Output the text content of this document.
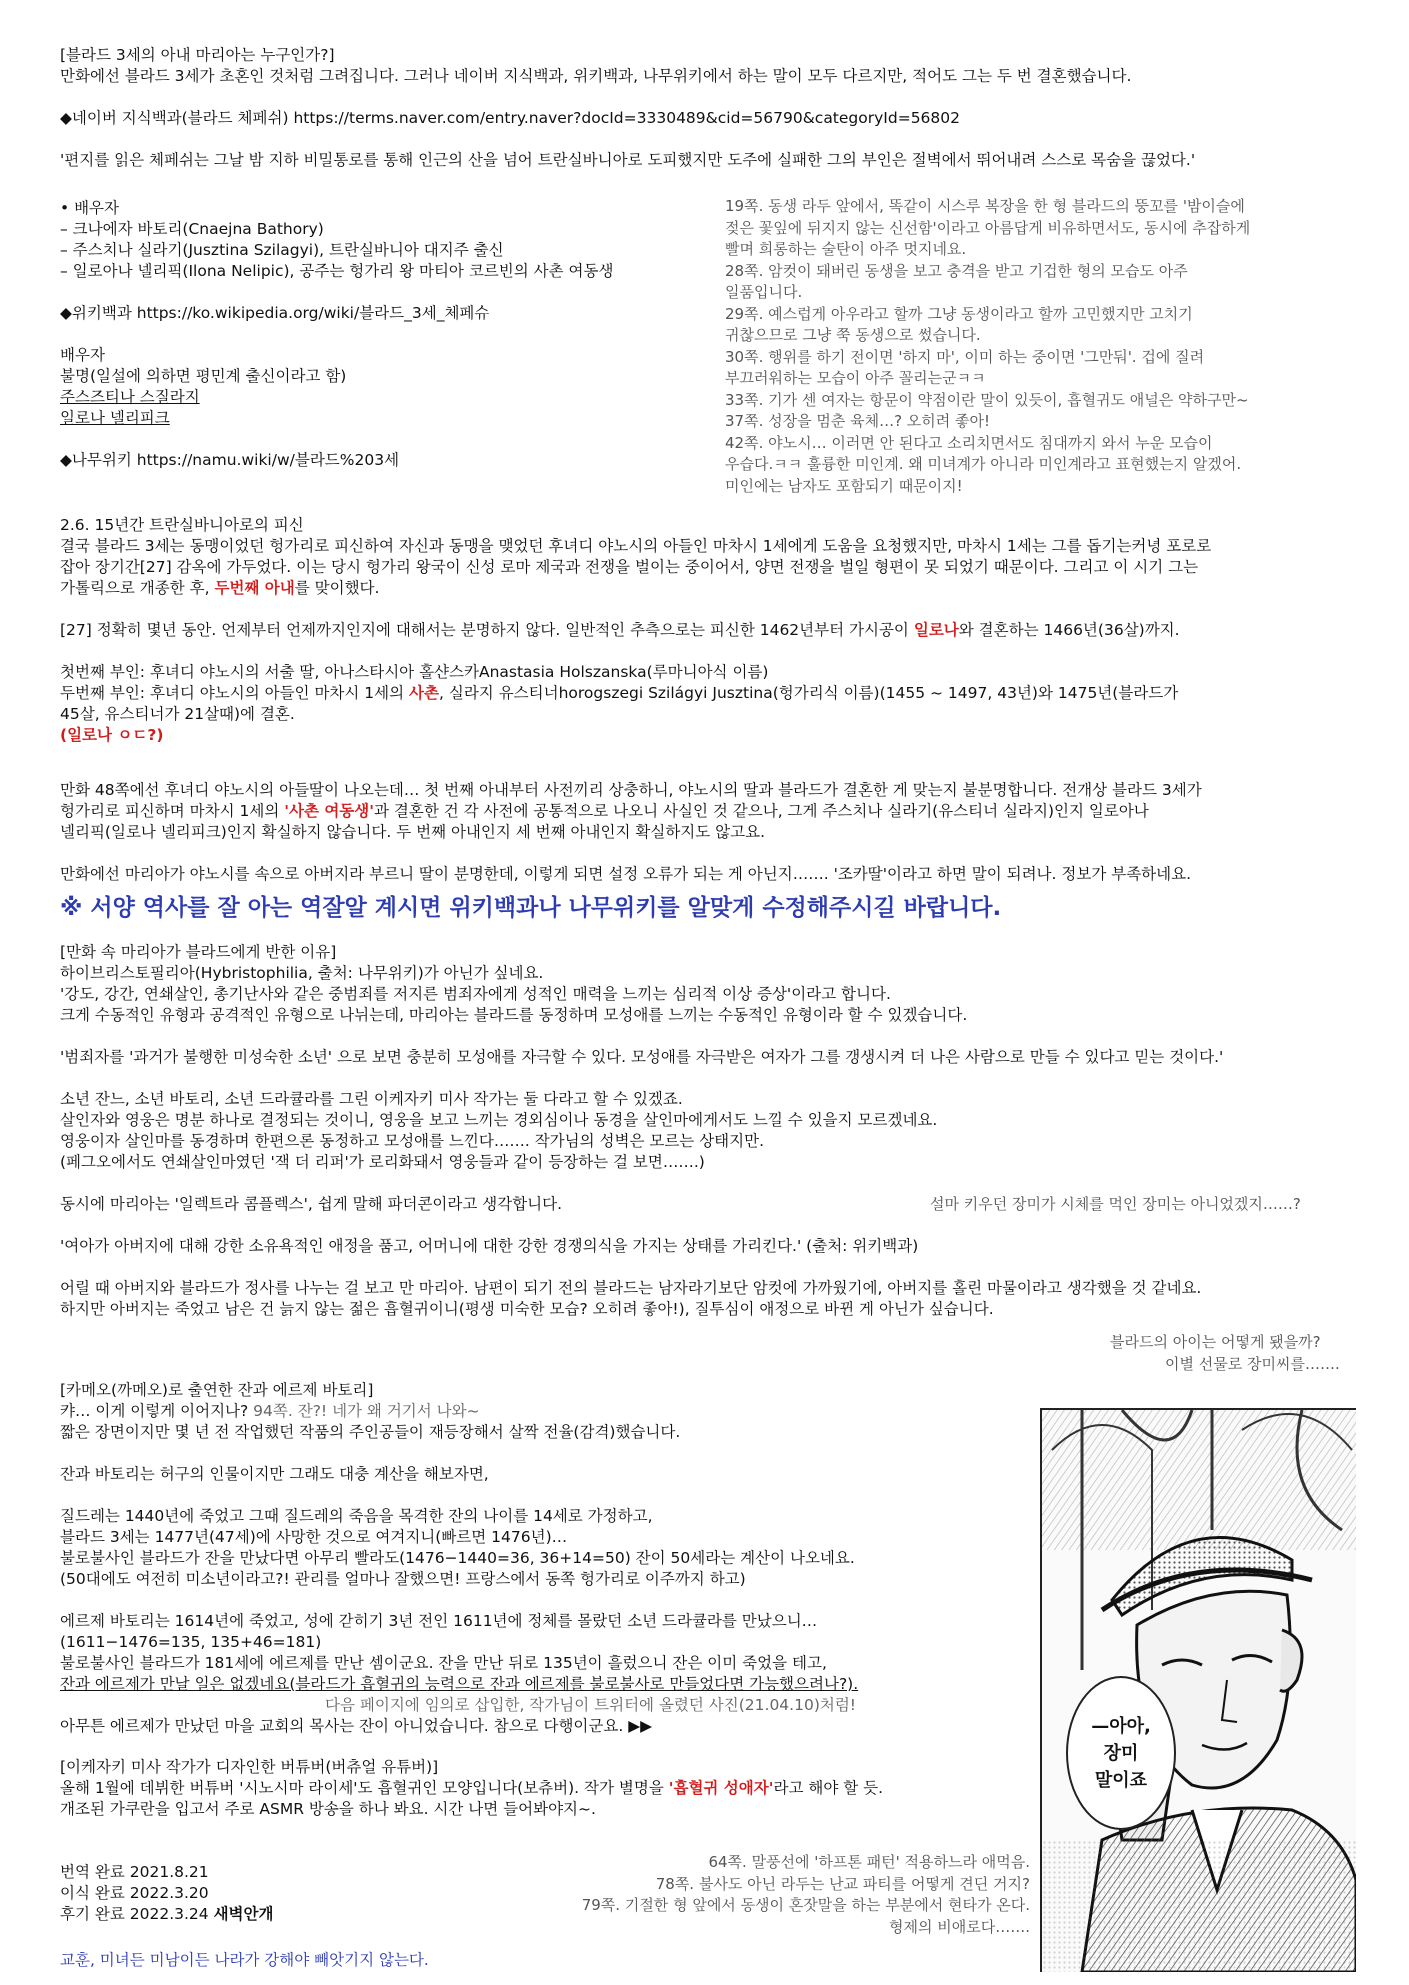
[블라드 3세의 아내 마리아는 누구인가?]
만화에선 블라드 3세가 초혼인 것처럼 그려집니다. 그러나 네이버 지식백과, 위키백과, 나무위키에서 하는 말이 모두 다르지만, 적어도 그는 두 번 결혼했습니다.

◆네이버 지식백과(블라드 체페쉬) https://terms.naver.com/entry.naver?docId=3330489&cid=56790&categoryId=56802

'편지를 읽은 체페쉬는 그날 밤 지하 비밀통로를 통해 인근의 산을 넘어 트란실바니아로 도피했지만 도주에 실패한 그의 부인은 절벽에서 뛰어내려 스스로 목숨을 끊었다.'
• 배우자
– 크나에자 바토리(Cnaejna Bathory)
– 주스치나 실라기(Jusztina Szilagyi), 트란실바니아 대지주 출신
– 일로아나 넬리픽(Ilona Nelipic), 공주는 헝가리 왕 마티아 코르빈의 사촌 여동생

◆위키백과 https://ko.wikipedia.org/wiki/블라드_3세_체페슈

배우자
불명(일설에 의하면 평민계 출신이라고 함)
주스즈티나 스질라지
일로나 넬리피크

◆나무위키 https://namu.wiki/w/블라드%203세
19쪽. 동생 라두 앞에서, 똑같이 시스루 복장을 한 형 블라드의 뚱꼬를 '밤이슬에
젖은 꽃잎에 뒤지지 않는 신선함'이라고 아름답게 비유하면서도, 동시에 추잡하게
빨며 희롱하는 술탄이 아주 멋지네요.
28쪽. 암컷이 돼버린 동생을 보고 충격을 받고 기겁한 형의 모습도 아주
일품입니다.
29쪽. 예스럽게 아우라고 할까 그냥 동생이라고 할까 고민했지만 고치기
귀찮으므로 그냥 쭉 동생으로 썼습니다.
30쪽. 행위를 하기 전이면 '하지 마', 이미 하는 중이면 '그만둬'. 겁에 질려
부끄러워하는 모습이 아주 꼴리는군ㅋㅋ
33쪽. 기가 센 여자는 항문이 약점이란 말이 있듯이, 흡혈귀도 애널은 약하구만~
37쪽. 성장을 멈춘 육체…? 오히려 좋아!
42쪽. 야노시… 이러면 안 된다고 소리치면서도 침대까지 와서 누운 모습이
우습다.ㅋㅋ 훌륭한 미인계. 왜 미녀계가 아니라 미인계라고 표현했는지 알겠어.
미인에는 남자도 포함되기 때문이지!
2.6. 15년간 트란실바니아로의 피신
결국 블라드 3세는 동맹이었던 헝가리로 피신하여 자신과 동맹을 맺었던 후녀디 야노시의 아들인 마차시 1세에게 도움을 요청했지만, 마차시 1세는 그를 돕기는커녕 포로로
잡아 장기간[27] 감옥에 가두었다. 이는 당시 헝가리 왕국이 신성 로마 제국과 전쟁을 벌이는 중이어서, 양면 전쟁을 벌일 형편이 못 되었기 때문이다. 그리고 이 시기 그는
가톨릭으로 개종한 후, 두번째 아내를 맞이했다.

[27] 정확히 몇년 동안. 언제부터 언제까지인지에 대해서는 분명하지 않다. 일반적인 추측으로는 피신한 1462년부터 가시공이 일로나와 결혼하는 1466년(36살)까지.

첫번째 부인: 후녀디 야노시의 서출 딸, 아나스타시아 홀샨스카Anastasia Holszanska(루마니아식 이름)
두번째 부인: 후녀디 야노시의 아들인 마차시 1세의 사촌, 실라지 유스티너horogszegi Szilágyi Jusztina(헝가리식 이름)(1455 ~ 1497, 43년)와 1475년(블라드가
45살, 유스티너가 21살때)에 결혼.
(일로나 ㅇㄷ?)
만화 48쪽에선 후녀디 야노시의 아들딸이 나오는데… 첫 번째 아내부터 사전끼리 상충하니, 야노시의 딸과 블라드가 결혼한 게 맞는지 불분명합니다. 전개상 블라드 3세가
헝가리로 피신하며 마차시 1세의 '사촌 여동생'과 결혼한 건 각 사전에 공통적으로 나오니 사실인 것 같으나, 그게 주스치나 실라기(유스티너 실라지)인지 일로아나
넬리픽(일로나 넬리피크)인지 확실하지 않습니다. 두 번째 아내인지 세 번째 아내인지 확실하지도 않고요.

만화에선 마리아가 야노시를 속으로 아버지라 부르니 딸이 분명한데, 이렇게 되면 설정 오류가 되는 게 아닌지……. '조카딸'이라고 하면 말이 되려나. 정보가 부족하네요.
※ 서양 역사를 잘 아는 역잘알 계시면 위키백과나 나무위키를 알맞게 수정해주시길 바랍니다.
[만화 속 마리아가 블라드에게 반한 이유]
하이브리스토필리아(Hybristophilia, 출처: 나무위키)가 아닌가 싶네요.
'강도, 강간, 연쇄살인, 총기난사와 같은 중범죄를 저지른 범죄자에게 성적인 매력을 느끼는 심리적 이상 증상'이라고 합니다.
크게 수동적인 유형과 공격적인 유형으로 나뉘는데, 마리아는 블라드를 동정하며 모성애를 느끼는 수동적인 유형이라 할 수 있겠습니다.

'범죄자를 '과거가 불행한 미성숙한 소년' 으로 보면 충분히 모성애를 자극할 수 있다. 모성애를 자극받은 여자가 그를 갱생시켜 더 나은 사람으로 만들 수 있다고 믿는 것이다.'

소년 잔느, 소년 바토리, 소년 드라큘라를 그린 이케자키 미사 작가는 둘 다라고 할 수 있겠죠.
살인자와 영웅은 명분 하나로 결정되는 것이니, 영웅을 보고 느끼는 경외심이나 동경을 살인마에게서도 느낄 수 있을지 모르겠네요.
영웅이자 살인마를 동경하며 한편으론 동정하고 모성애를 느낀다……. 작가님의 성벽은 모르는 상태지만.
(페그오에서도 연쇄살인마였던 '잭 더 리퍼'가 로리화돼서 영웅들과 같이 등장하는 걸 보면…….)

동시에 마리아는 '일렉트라 콤플렉스', 쉽게 말해 파더콘이라고 생각합니다.

'여아가 아버지에 대해 강한 소유욕적인 애정을 품고, 어머니에 대한 강한 경쟁의식을 가지는 상태를 가리킨다.' (출처: 위키백과)

어릴 때 아버지와 블라드가 정사를 나누는 걸 보고 만 마리아. 남편이 되기 전의 블라드는 남자라기보단 암컷에 가까웠기에, 아버지를 홀린 마물이라고 생각했을 것 같네요.
하지만 아버지는 죽었고 남은 건 늙지 않는 젊은 흡혈귀이니(평생 미숙한 모습? 오히려 좋아!), 질투심이 애정으로 바뀐 게 아닌가 싶습니다.
설마 키우던 장미가 시체를 먹인 장미는 아니었겠지……?
블라드의 아이는 어떻게 됐을까?
이별 선물로 장미씨를…….
[카메오(까메오)로 출연한 잔과 에르제 바토리]
캬… 이게 이렇게 이어지나? 94쪽. 잔?! 네가 왜 거기서 나와~
짧은 장면이지만 몇 년 전 작업했던 작품의 주인공들이 재등장해서 살짝 전율(감격)했습니다.

잔과 바토리는 허구의 인물이지만 그래도 대충 계산을 해보자면,

질드레는 1440년에 죽었고 그때 질드레의 죽음을 목격한 잔의 나이를 14세로 가정하고,
블라드 3세는 1477년(47세)에 사망한 것으로 여겨지니(빠르면 1476년)…
불로불사인 블라드가 잔을 만났다면 아무리 빨라도(1476−1440=36, 36+14=50) 잔이 50세라는 계산이 나오네요.
(50대에도 여전히 미소년이라고?! 관리를 얼마나 잘했으면! 프랑스에서 동쪽 헝가리로 이주까지 하고)

에르제 바토리는 1614년에 죽었고, 성에 갇히기 3년 전인 1611년에 정체를 몰랐던 소년 드라큘라를 만났으니…
(1611−1476=135, 135+46=181)
불로불사인 블라드가 181세에 에르제를 만난 셈이군요. 잔을 만난 뒤로 135년이 흘렀으니 잔은 이미 죽었을 테고,
잔과 에르제가 만날 일은 없겠네요(블라드가 흡혈귀의 능력으로 잔과 에르제를 불로불사로 만들었다면 가능했으려나?).
다음 페이지에 임의로 삽입한, 작가님이 트위터에 올렸던 사진(21.04.10)처럼!
아무튼 에르제가 만났던 마을 교회의 목사는 잔이 아니었습니다. 참으로 다행이군요. ▶▶
[이케자키 미사 작가가 디자인한 버튜버(버츄얼 유튜버)]
올해 1월에 데뷔한 버튜버 '시노시마 라이세'도 흡혈귀인 모양입니다(보츄버). 작가 별명을 '흡혈귀 성애자'라고 해야 할 듯.
개조된 가쿠란을 입고서 주로 ASMR 방송을 하나 봐요. 시간 나면 들어봐야지~.
번역 완료 2021.8.21
이식 완료 2022.3.20
후기 완료 2022.3.24 새벽안개
교훈, 미녀든 미남이든 나라가 강해야 빼앗기지 않는다.
64쪽. 말풍선에 '하프톤 패턴' 적용하느라 애먹음.
78쪽. 불사도 아닌 라두는 난교 파티를 어떻게 견딘 거지?
79쪽. 기절한 형 앞에서 동생이 혼잣말을 하는 부분에서 현타가 온다.
형제의 비애로다…….
—아아,
장미
말이죠
